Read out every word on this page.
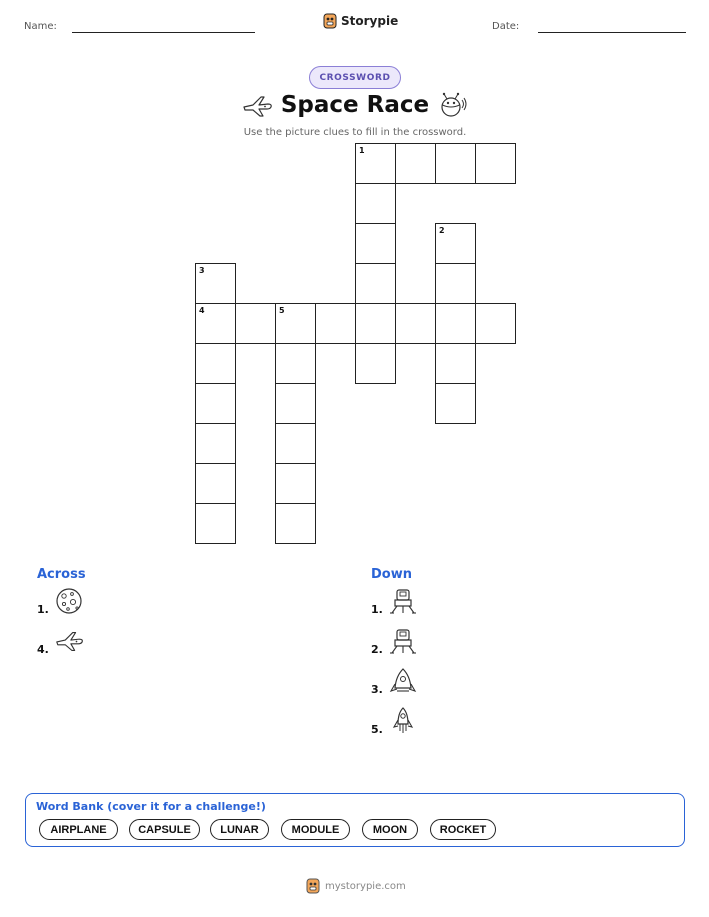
Name:	Storypie	Date:
CROSSWORD
Space Race
Use the picture clues to fill in the crossword.
1
2
3
4	5
Across
1.
4.
Down
1.
2.
3.
5.
Word Bank (cover it for a challenge!)
AIRPLANE	CAPSULE	LUNAR	MODULE	MOON	ROCKET
mystorypie.com
